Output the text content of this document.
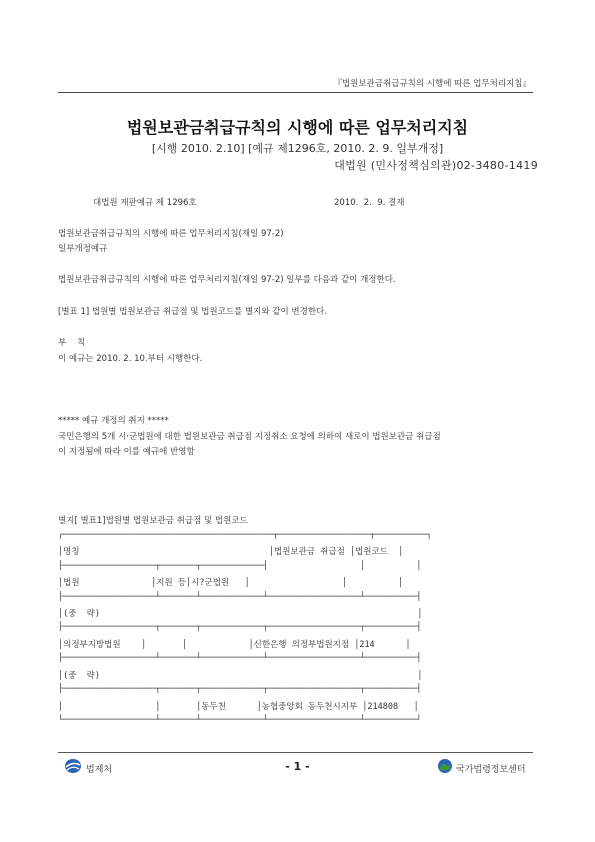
『법원보관금취급규칙의 시행에 따른 업무처리지침』
법원보관금취급규칙의 시행에 따른 업무처리지침
[시행 2010. 2.10] [예규 제1296호, 2010. 2. 9. 일부개정]
대법원 (민사정책심의관)02-3480-1419
대법원 재판예규 제 1296호	2010.  2.  9. 결재
법원보관금취급규칙의 시행에 따른 업무처리지침(재일 97-2)
일부개정예규
법원보관금취급규칙의 시행에 따른 업무처리지침(재일 97-2) 일부를 다음과 같이 개정한다.
[별표 1] 법원별 법원보관금 취급점 및 법원코드를 별지와 같이 변경한다.
부    칙
이 예규는 2010. 2. 10.부터 시행한다.
***** 예규 개정의 취지 *****
국민은행의 5개 시·군법원에 대한 법원보관금 취급점 지정취소 요청에 의하여 새로이 법원보관금 취급점
이 지정됨에 따라 이를 예규에 반영함
별지[ 별표1]법원별 법원보관금 취급점 및 법원코드
┌─────────────────────────────────────────┬──────────────────┬──────────┐
│명칭                                     │법원보관금 취급점 │법원코드  │
├──────────────────┬───────┬────────────┤                  │          │
│법원              │지원 등│시?군법원   │                  │          │
├──────────────────┴───────┴────────────┴──────────────────┴──────────┤
│(중  략)                                                              │
├──────────────────┬───────┬────────────┬──────────────────┬──────────┤
│의정부지방법원    │       │            │신한은행 의정부법원지점 │214      │
├──────────────────┴───────┴────────────┴──────────────────┴──────────┤
│(중  략)                                                              │
├──────────────────┬───────┬────────────┬──────────────────┬──────────┤
│                  │       │동두천      │농협중앙회 동두천시지부 │214808   │
└──────────────────┴───────┴────────────┴──────────────────┴──────────┘
법제처	- 1 -	국가법령정보센터
